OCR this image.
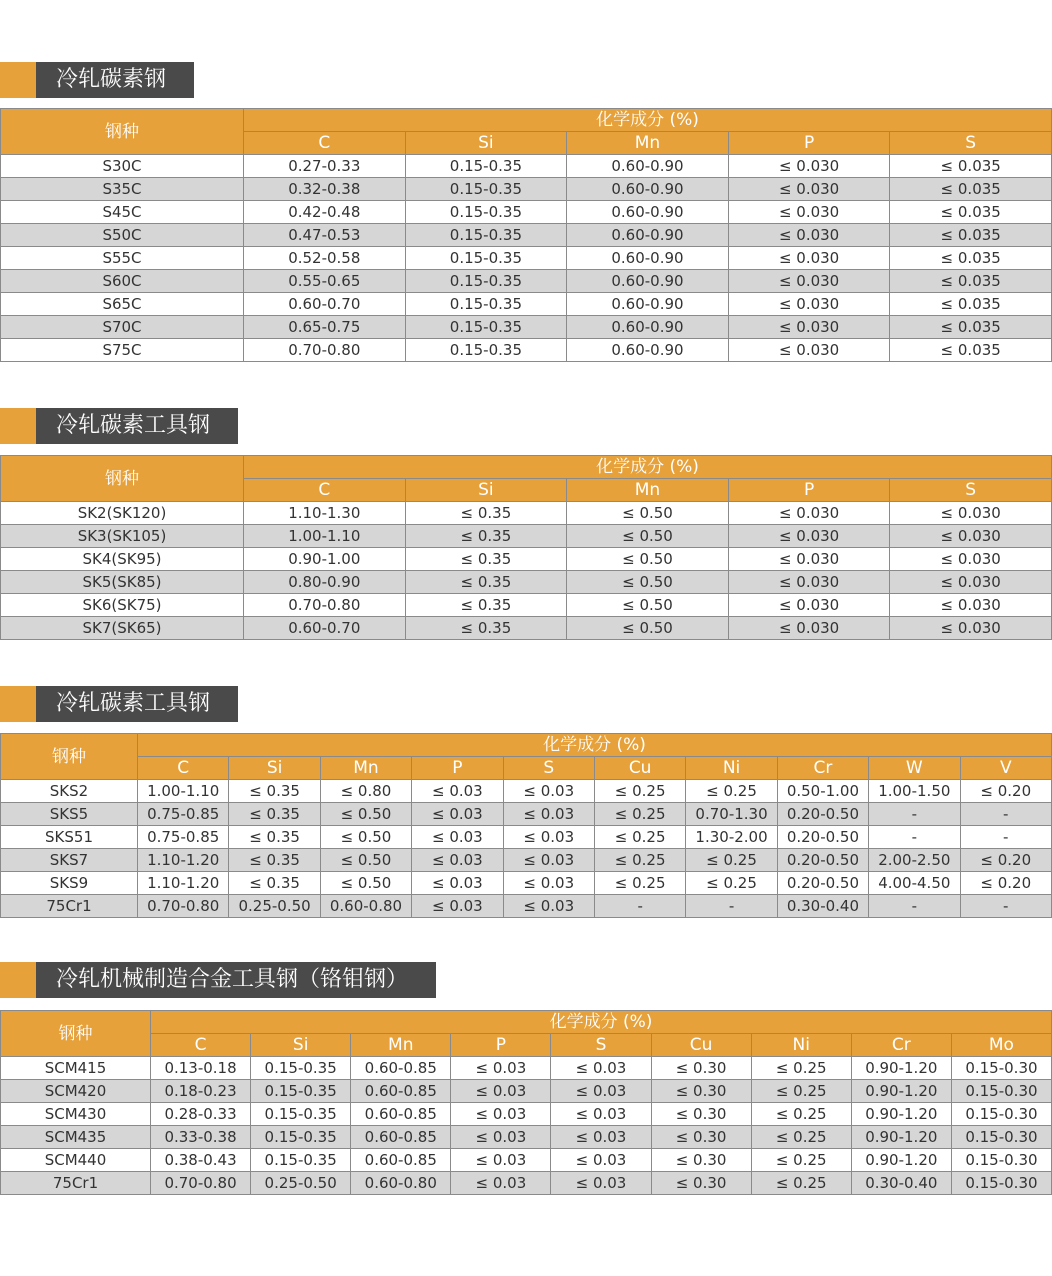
冷轧碳素钢
钢种	化学成分 (%)				
	C	Si	Mn	P	S
S30C	0.27-0.33	0.15-0.35	0.60-0.90	≤ 0.030	≤ 0.035
S35C	0.32-0.38	0.15-0.35	0.60-0.90	≤ 0.030	≤ 0.035
S45C	0.42-0.48	0.15-0.35	0.60-0.90	≤ 0.030	≤ 0.035
S50C	0.47-0.53	0.15-0.35	0.60-0.90	≤ 0.030	≤ 0.035
S55C	0.52-0.58	0.15-0.35	0.60-0.90	≤ 0.030	≤ 0.035
S60C	0.55-0.65	0.15-0.35	0.60-0.90	≤ 0.030	≤ 0.035
S65C	0.60-0.70	0.15-0.35	0.60-0.90	≤ 0.030	≤ 0.035
S70C	0.65-0.75	0.15-0.35	0.60-0.90	≤ 0.030	≤ 0.035
S75C	0.70-0.80	0.15-0.35	0.60-0.90	≤ 0.030	≤ 0.035
冷轧碳素工具钢
钢种	化学成分 (%)				
	C	Si	Mn	P	S
SK2(SK120)	1.10-1.30	≤ 0.35	≤ 0.50	≤ 0.030	≤ 0.030
SK3(SK105)	1.00-1.10	≤ 0.35	≤ 0.50	≤ 0.030	≤ 0.030
SK4(SK95)	0.90-1.00	≤ 0.35	≤ 0.50	≤ 0.030	≤ 0.030
SK5(SK85)	0.80-0.90	≤ 0.35	≤ 0.50	≤ 0.030	≤ 0.030
SK6(SK75)	0.70-0.80	≤ 0.35	≤ 0.50	≤ 0.030	≤ 0.030
SK7(SK65)	0.60-0.70	≤ 0.35	≤ 0.50	≤ 0.030	≤ 0.030
冷轧碳素工具钢
钢种	化学成分 (%)									
	C	Si	Mn	P	S	Cu	Ni	Cr	W	V
SKS2	1.00-1.10	≤ 0.35	≤ 0.80	≤ 0.03	≤ 0.03	≤ 0.25	≤ 0.25	0.50-1.00	1.00-1.50	≤ 0.20
SKS5	0.75-0.85	≤ 0.35	≤ 0.50	≤ 0.03	≤ 0.03	≤ 0.25	0.70-1.30	0.20-0.50	-	-
SKS51	0.75-0.85	≤ 0.35	≤ 0.50	≤ 0.03	≤ 0.03	≤ 0.25	1.30-2.00	0.20-0.50	-	-
SKS7	1.10-1.20	≤ 0.35	≤ 0.50	≤ 0.03	≤ 0.03	≤ 0.25	≤ 0.25	0.20-0.50	2.00-2.50	≤ 0.20
SKS9	1.10-1.20	≤ 0.35	≤ 0.50	≤ 0.03	≤ 0.03	≤ 0.25	≤ 0.25	0.20-0.50	4.00-4.50	≤ 0.20
75Cr1	0.70-0.80	0.25-0.50	0.60-0.80	≤ 0.03	≤ 0.03	-	-	0.30-0.40	-	-
冷轧机械制造合金工具钢（铬钼钢）
钢种	化学成分 (%)								
	C	Si	Mn	P	S	Cu	Ni	Cr	Mo
SCM415	0.13-0.18	0.15-0.35	0.60-0.85	≤ 0.03	≤ 0.03	≤ 0.30	≤ 0.25	0.90-1.20	0.15-0.30
SCM420	0.18-0.23	0.15-0.35	0.60-0.85	≤ 0.03	≤ 0.03	≤ 0.30	≤ 0.25	0.90-1.20	0.15-0.30
SCM430	0.28-0.33	0.15-0.35	0.60-0.85	≤ 0.03	≤ 0.03	≤ 0.30	≤ 0.25	0.90-1.20	0.15-0.30
SCM435	0.33-0.38	0.15-0.35	0.60-0.85	≤ 0.03	≤ 0.03	≤ 0.30	≤ 0.25	0.90-1.20	0.15-0.30
SCM440	0.38-0.43	0.15-0.35	0.60-0.85	≤ 0.03	≤ 0.03	≤ 0.30	≤ 0.25	0.90-1.20	0.15-0.30
75Cr1	0.70-0.80	0.25-0.50	0.60-0.80	≤ 0.03	≤ 0.03	≤ 0.30	≤ 0.25	0.30-0.40	0.15-0.30
